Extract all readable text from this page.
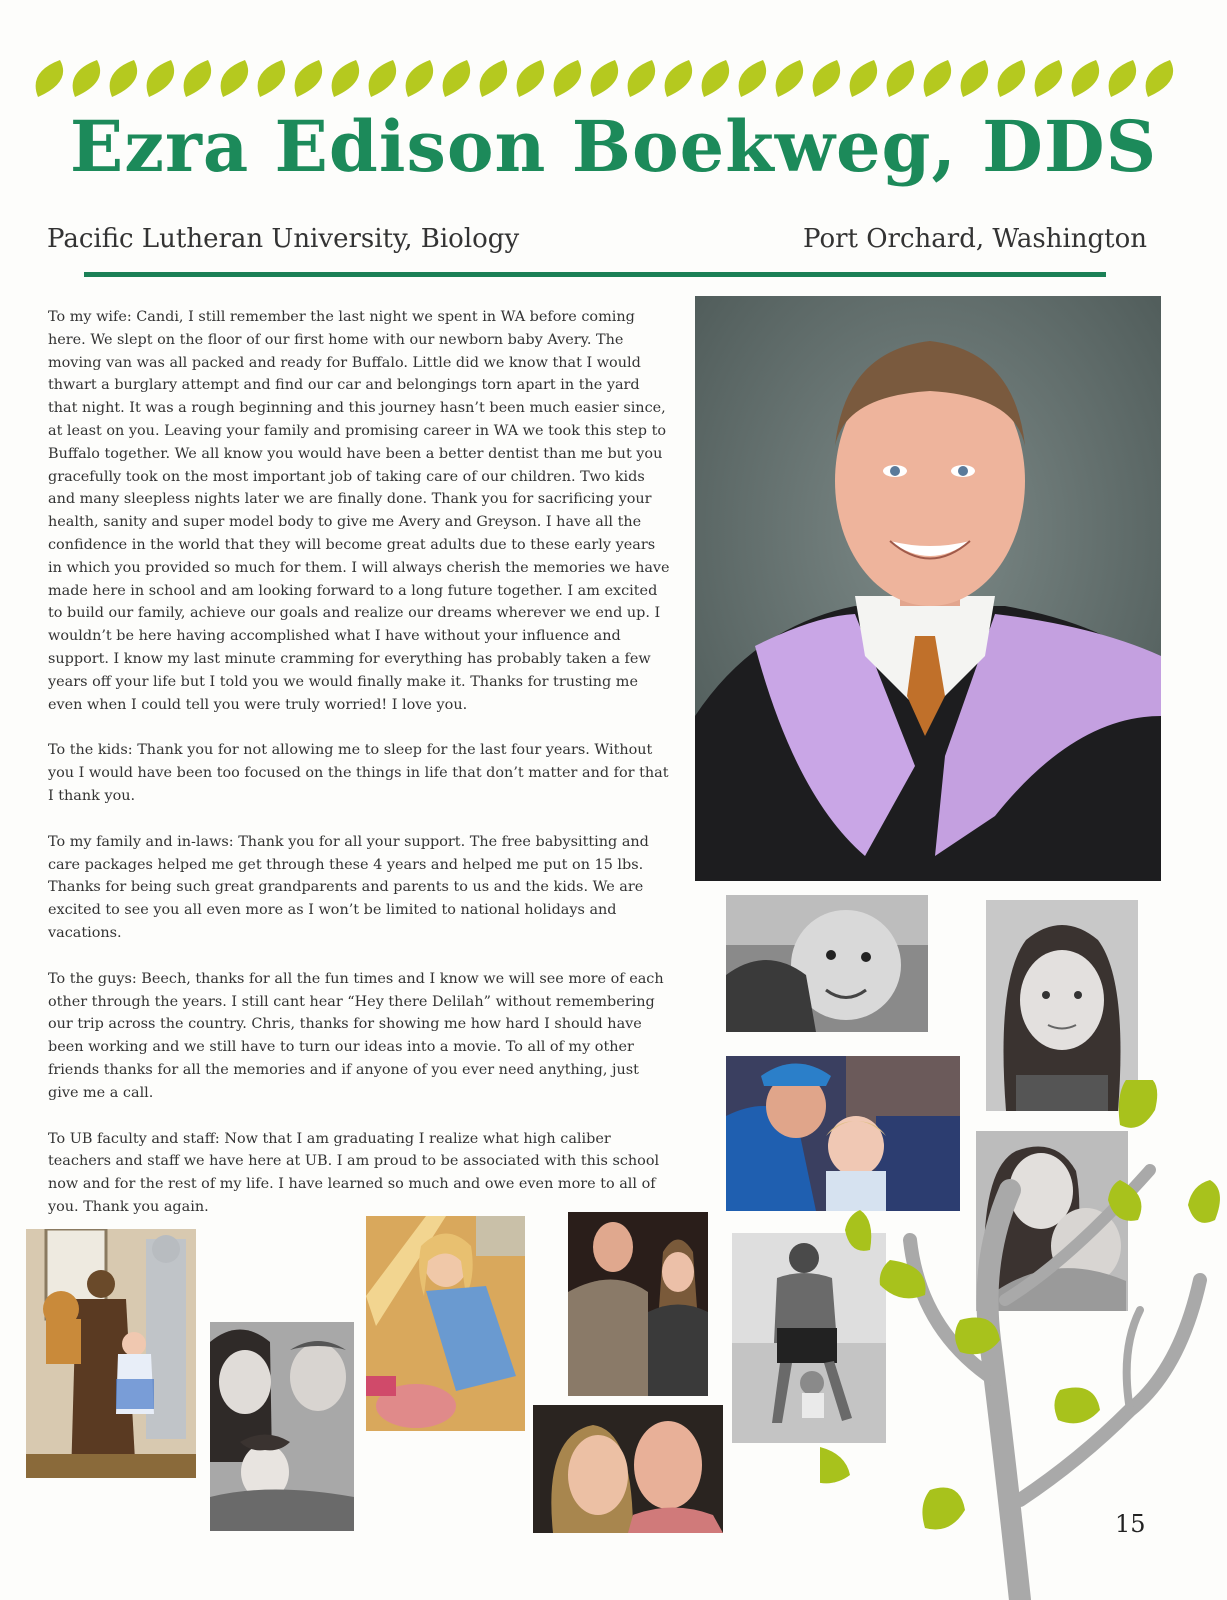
Ezra Edison Boekweg, DDS
Pacific Lutheran University, Biology	Port Orchard, Washington

To my wife: Candi, I still remember the last night we spent in WA before coming here. We slept on the floor of our first home with our newborn baby Avery. The moving van was all packed and ready for Buffalo. Little did we know that I would thwart a burglary attempt and find our car and belongings torn apart in the yard that night. It was a rough beginning and this journey hasn’t been much easier since, at least on you. Leaving your family and promising career in WA we took this step to Buffalo together. We all know you would have been a better dentist than me but you gracefully took on the most important job of taking care of our children. Two kids and many sleepless nights later we are finally done. Thank you for sacrificing your health, sanity and super model body to give me Avery and Greyson. I have all the confidence in the world that they will become great adults due to these early years in which you provided so much for them. I will always cherish the memories we have made here in school and am looking forward to a long future together. I am excited to build our family, achieve our goals and realize our dreams wherever we end up. I wouldn’t be here having accomplished what I have without your influence and support. I know my last minute cramming for everything has probably taken a few years off your life but I told you we would finally make it. Thanks for trusting me even when I could tell you were truly worried! I love you.

To the kids: Thank you for not allowing me to sleep for the last four years. Without you I would have been too focused on the things in life that don’t matter and for that I thank you.

To my family and in-laws: Thank you for all your support. The free babysitting and care packages helped me get through these 4 years and helped me put on 15 lbs. Thanks for being such great grandparents and parents to us and the kids. We are excited to see you all even more as I won’t be limited to national holidays and vacations.

To the guys: Beech, thanks for all the fun times and I know we will see more of each other through the years. I still cant hear “Hey there Delilah” without remembering our trip across the country. Chris, thanks for showing me how hard I should have been working and we still have to turn our ideas into a movie. To all of my other friends thanks for all the memories and if anyone of you ever need anything, just give me a call.

To UB faculty and staff: Now that I am graduating I realize what high caliber teachers and staff we have here at UB. I am proud to be associated with this school now and for the rest of my life. I have learned so much and owe even more to all of you. Thank you again.

15
